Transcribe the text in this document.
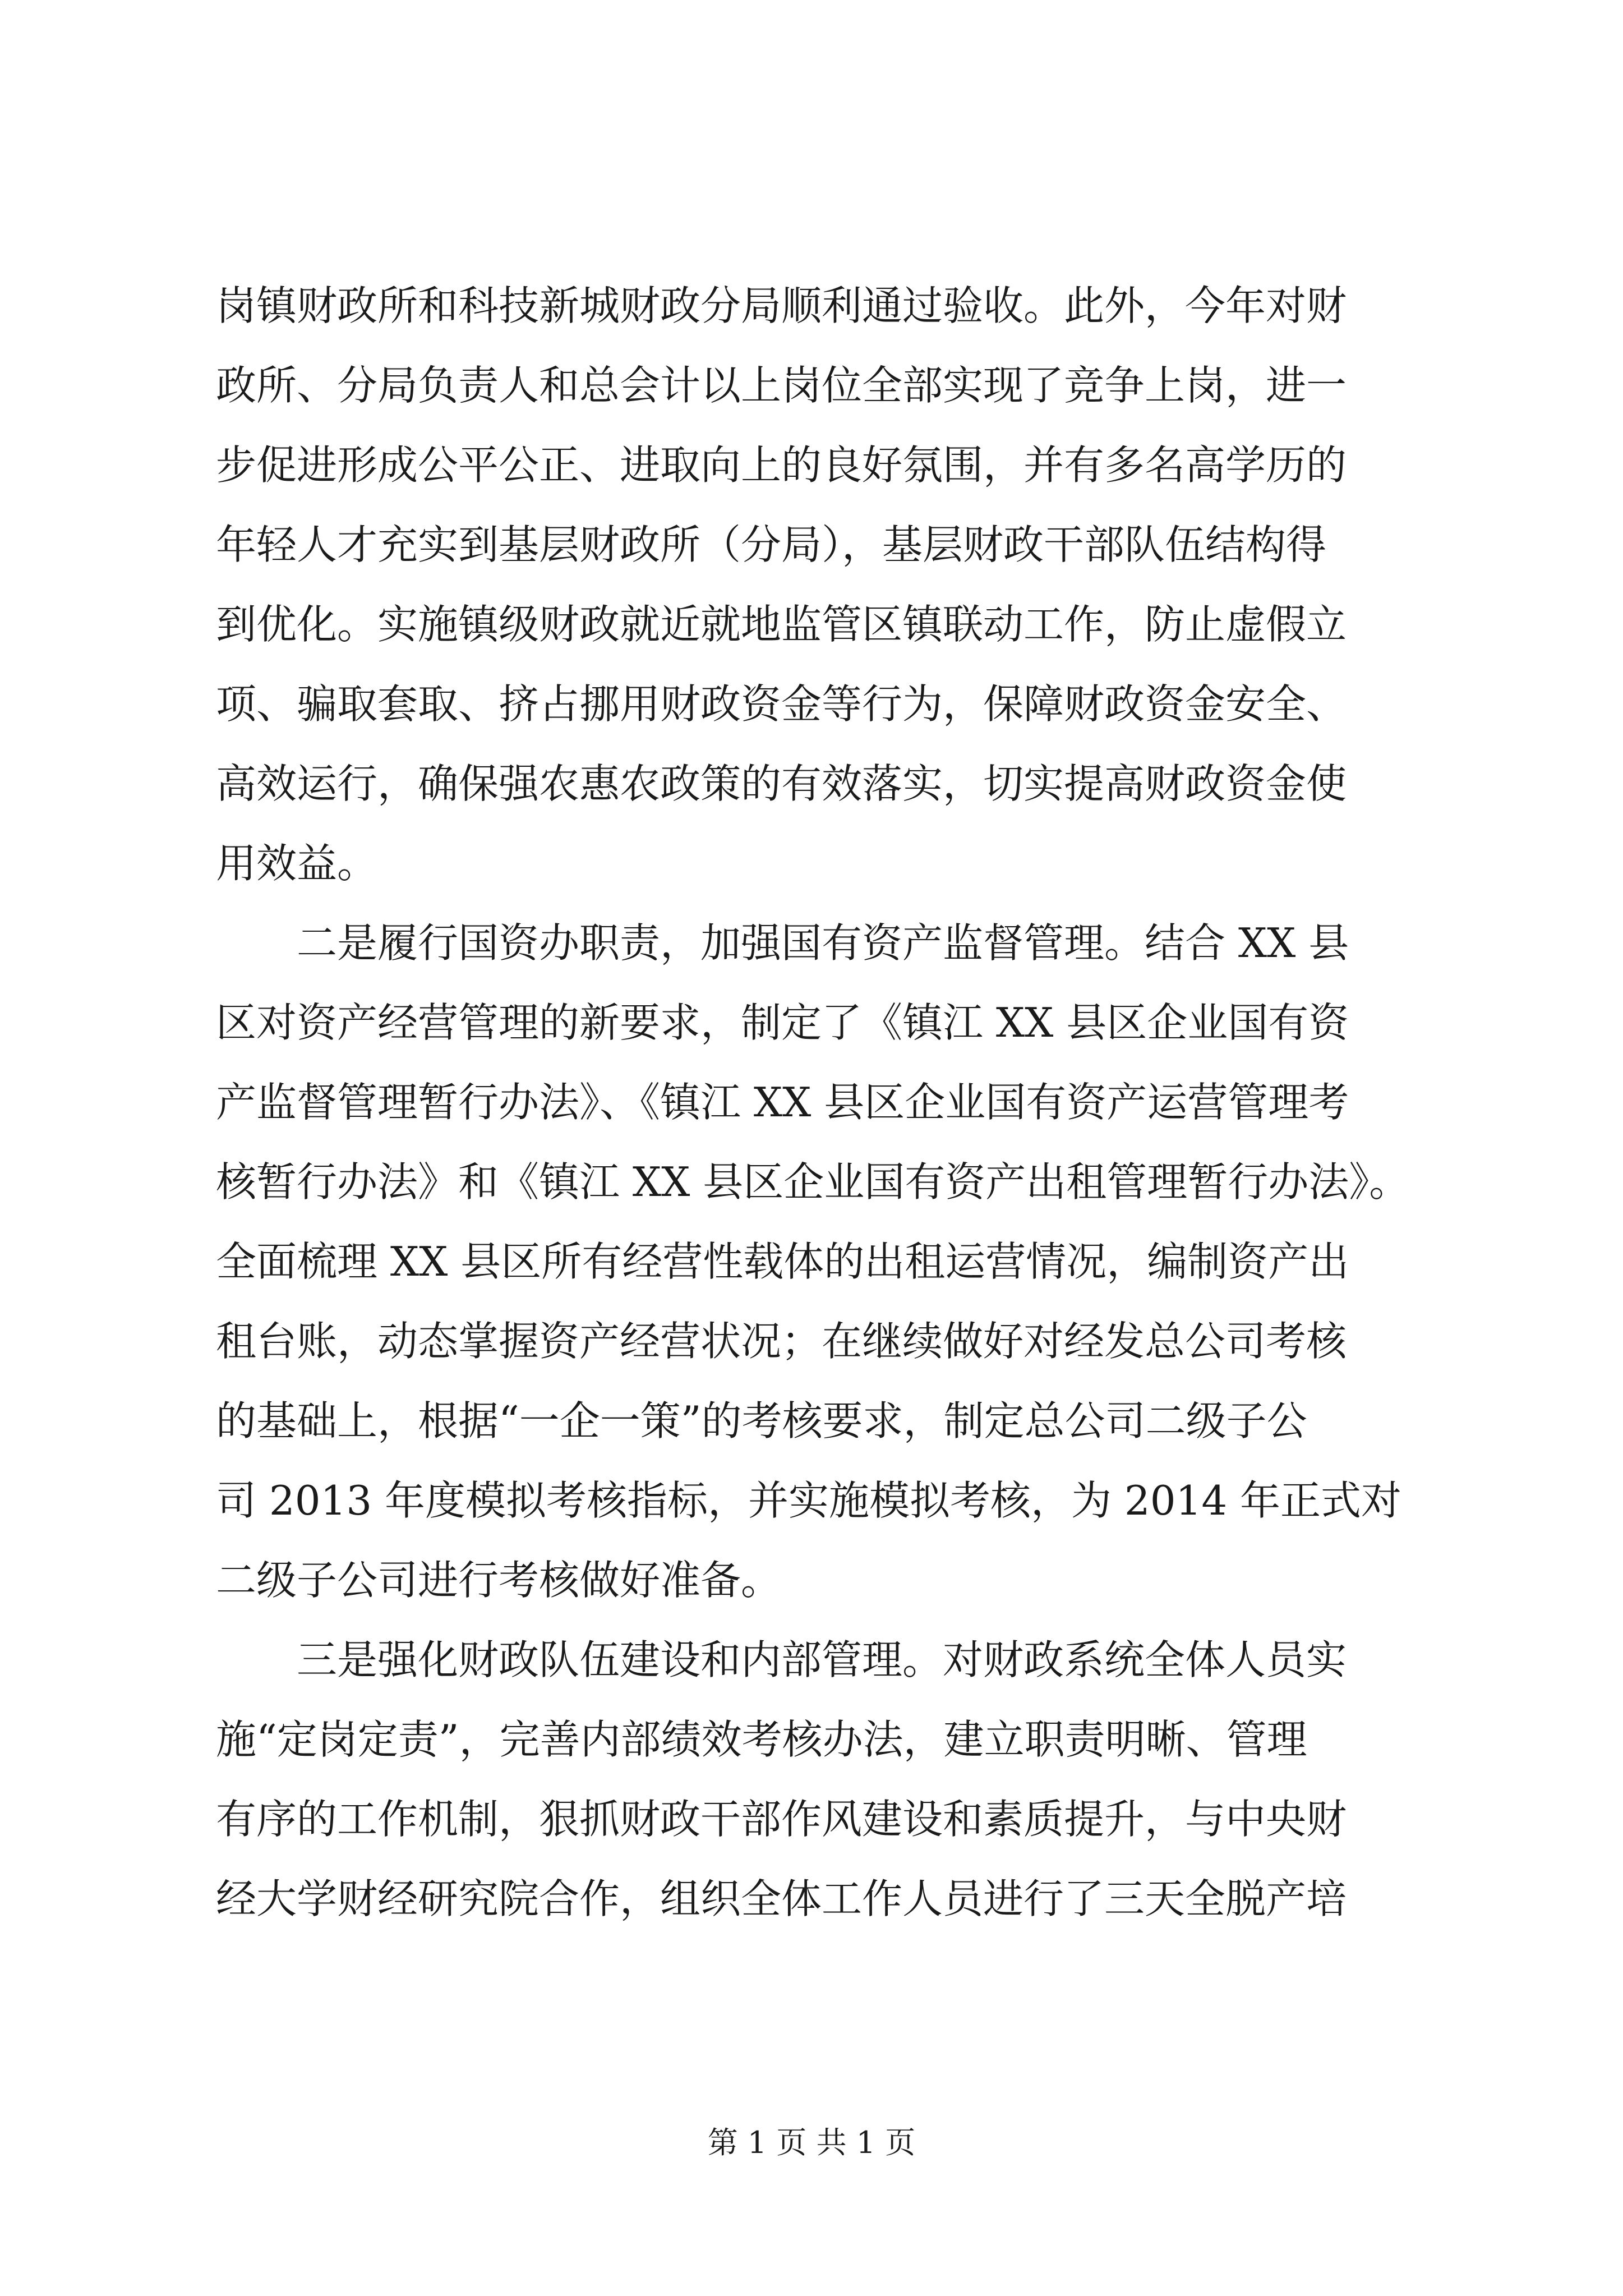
岗镇财政所和科技新城财政分局顺利通过验收。此外，今年对财
政所、分局负责人和总会计以上岗位全部实现了竞争上岗，进一
步促进形成公平公正、进取向上的良好氛围，并有多名高学历的
年轻人才充实到基层财政所（分局），基层财政干部队伍结构得
到优化。实施镇级财政就近就地监管区镇联动工作，防止虚假立
项、骗取套取、挤占挪用财政资金等行为，保障财政资金安全、
高效运行，确保强农惠农政策的有效落实，切实提高财政资金使
用效益。
二是履行国资办职责，加强国有资产监督管理。结合 XX 县
区对资产经营管理的新要求，制定了《镇江 XX 县区企业国有资
产监督管理暂行办法》、《镇江 XX 县区企业国有资产运营管理考
核暂行办法》和《镇江 XX 县区企业国有资产出租管理暂行办法》。
全面梳理 XX 县区所有经营性载体的出租运营情况，编制资产出
租台账，动态掌握资产经营状况；在继续做好对经发总公司考核
的基础上，根据“一企一策”的考核要求，制定总公司二级子公
司 2013 年度模拟考核指标，并实施模拟考核，为 2014 年正式对
二级子公司进行考核做好准备。
三是强化财政队伍建设和内部管理。对财政系统全体人员实
施“定岗定责”，完善内部绩效考核办法，建立职责明晰、管理
有序的工作机制，狠抓财政干部作风建设和素质提升，与中央财
经大学财经研究院合作，组织全体工作人员进行了三天全脱产培
第 1 页 共 1 页
